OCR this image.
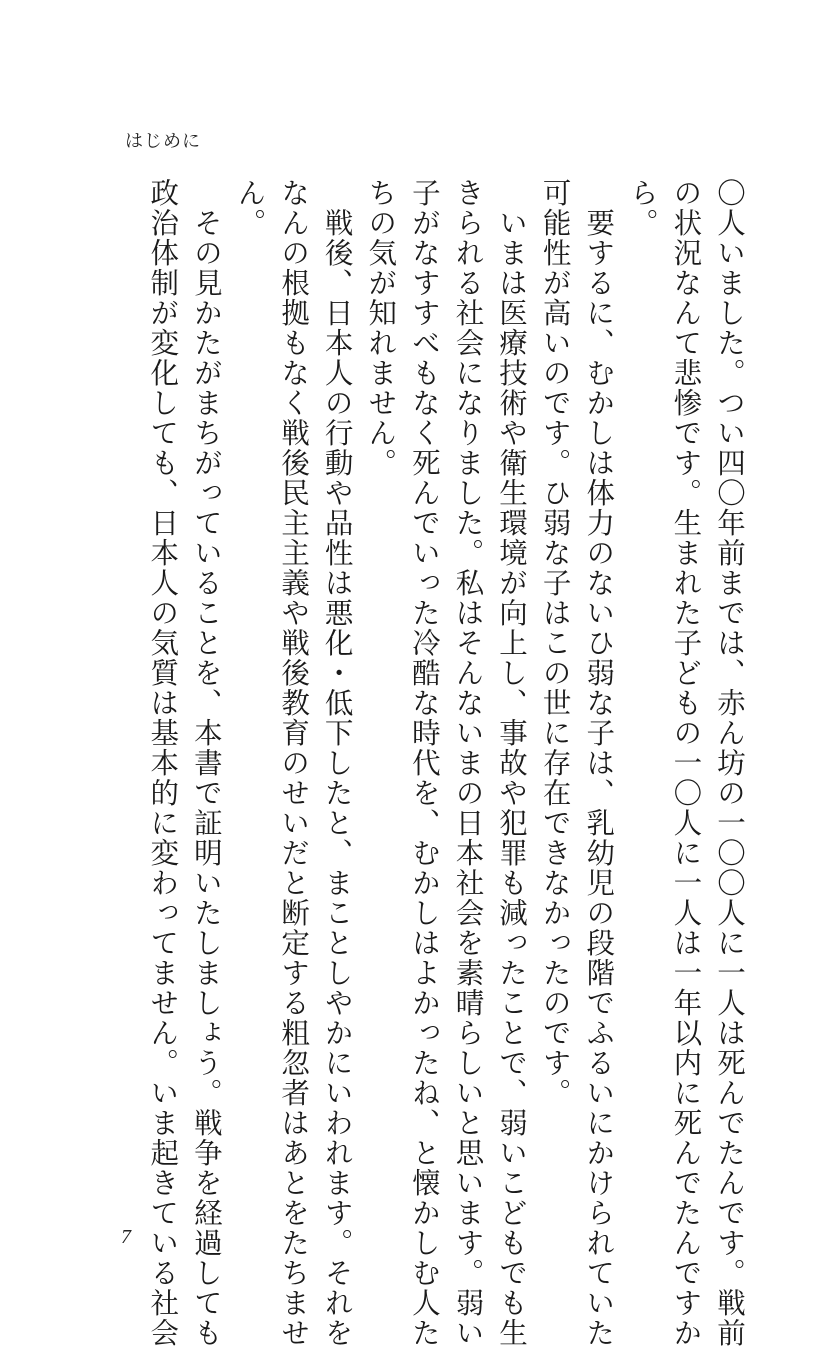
はじめに
〇人いました。つい四〇年前までは、赤ん坊の一〇〇人に一人は死んでたんです。戦前
の状況なんて悲惨です。生まれた子どもの一〇人に一人は一年以内に死んでたんですか
ら。
　要するに、むかしは体力のないひ弱な子は、乳幼児の段階でふるいにかけられていた
可能性が高いのです。ひ弱な子はこの世に存在できなかったのです。
　いまは医療技術や衛生環境が向上し、事故や犯罪も減ったことで、弱いこどもでも生
きられる社会になりました。私はそんないまの日本社会を素晴らしいと思います。弱い
子がなすすべもなく死んでいった冷酷な時代を、むかしはよかったね、と懐かしむ人た
ちの気が知れません。
　戦後、日本人の行動や品性は悪化・低下したと、まことしやかにいわれます。それを
なんの根拠もなく戦後民主主義や戦後教育のせいだと断定する粗忽者はあとをたちませ
ん。
　その見かたがまちがっていることを、本書で証明いたしましょう。戦争を経過しても
政治体制が変化しても、日本人の気質は基本的に変わってません。いま起きている社会
7
